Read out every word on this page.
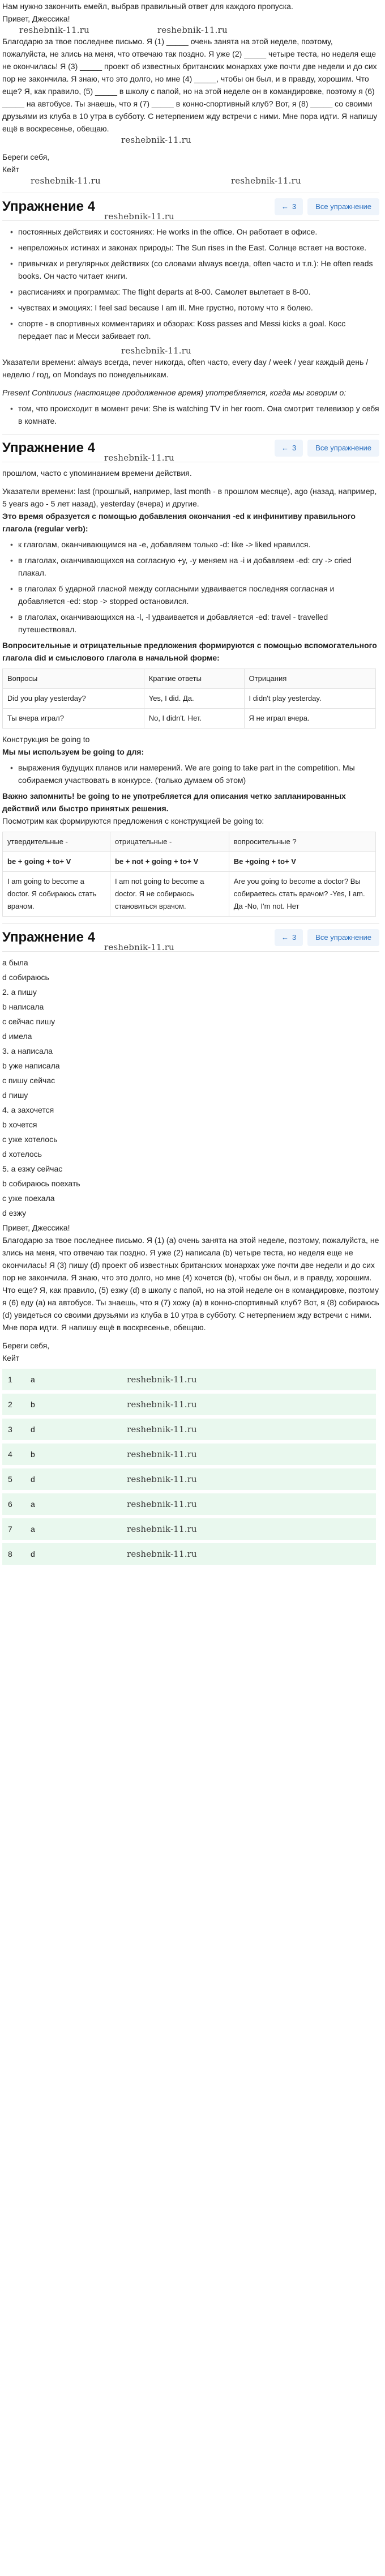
Нам нужно закончить емейл, выбрав правильный ответ для каждого пропуска.

Привет, Джессика!

reshebnik-11.ru	reshebnik-11.ru

Благодарю за твое последнее письмо. Я (1) _____ очень занята на этой неделе, поэтому, пожалуйста, не злись на меня, что отвечаю так поздно. Я уже (2) _____ четыре теста, но неделя еще не окончилась! Я (3) _____ проект об известных британских монархах уже почти две недели и до сих пор не закончила. Я знаю, что это долго, но мне (4) _____, чтобы он был, и в правду, хорошим. Что еще? Я, как правило, (5) _____ в школу с папой, но на этой неделе он в командировке, поэтому я (6) _____ на автобусе. Ты знаешь, что я (7) _____ в конно-спортивный клуб? Вот, я (8) _____ со своими друзьями из клуба в 10 утра в субботу. С нетерпением жду встречи с ними. Мне пора идти. Я напишу ещё в воскресенье, обещаю.

reshebnik-11.ru

Береги себя,

Кейт

reshebnik-11.ru	reshebnik-11.ru
Упражнение 4	← 3	Все упражнение
reshebnik-11.ru
• постоянных действиях и состояниях: He works in the office. Он работает в офисе.
• непреложных истинах и законах природы: The Sun rises in the East. Солнце встает на востоке.
• привычках и регулярных действиях (со словами always всегда, often часто и т.п.): He often reads books. Он часто читает книги.
• расписаниях и программах: The flight departs at 8-00. Самолет вылетает в 8-00.
• чувствах и эмоциях: I feel sad because I am ill. Мне грустно, потому что я болею.
• спорте - в спортивных комментариях и обзорах: Koss passes and Messi kicks a goal. Косс передает пас и Месси забивает гол.
reshebnik-11.ru

Указатели времени: always всегда, never никогда, often часто, every day / week / year каждый день / неделю / год, on Mondays по понедельникам.

Present Continuous (настоящее продолженное время) употребляется, когда мы говорим о:

• том, что происходит в момент речи: She is watching TV in her room. Она смотрит телевизор у себя в комнате.
Упражнение 4	← 3	Все упражнение
reshebnik-11.ru

прошлом, часто с упоминанием времени действия.

Указатели времени: last (прошлый, например, last month - в прошлом месяце), ago (назад, например, 5 years ago - 5 лет назад), yesterday (вчера) и другие.

Это время образуется с помощью добавления окончания -ed к инфинитиву правильного глагола (regular verb):

• к глаголам, оканчивающимся на -e, добавляем только -d: like -> liked нравился.
• в глаголах, оканчивающихся на согласную +y, -y меняем на -i и добавляем -ed: cry -> cried плакал.
• в глаголах б ударной гласной между согласными удваивается последняя согласная и добавляется -ed: stop -> stopped остановился.
• в глаголах, оканчивающихся на -l, -l удваивается и добавляется -ed: travel - travelled путешествовал.

Вопросительные и отрицательные предложения формируются с помощью вспомогательного глагола did и смыслового глагола в начальной форме:

Вопросы	Краткие ответы	Отрицания
Did you play yesterday?	Yes, I did. Да.	I didn't play yesterday.
Ты вчера играл?	No, I didn't. Нет.	Я не играл вчера.

Конструкция be going to

Мы мы используем be going to для:

• выражения будущих планов или намерений. We are going to take part in the competition. Мы собираемся участвовать в конкурсе. (только думаем об этом)

Важно запомнить! be going to не употребляется для описания четко запланированных действий или быстро принятых решения.

Посмотрим как формируются предложения с конструкцией be going to:

утвердительные -	отрицательные -	вопросительные ?
be + going + to+ V	be + not + going + to+ V	Be +going + to+ V
I am going to become a doctor. Я собираюсь стать врачом.	I am not going to become a doctor. Я не собираюсь становиться врачом.	Are you going to become a doctor? Вы собираетесь стать врачом? -Yes, I am. Да -No, I'm not. Нет
Упражнение 4	← 3	Все упражнение
reshebnik-11.ru

a была

d собираюсь

2. a пишу

b написала

c сейчас пишу

d имела

3. a написала

b уже написала

c пишу сейчас

d пишу

4. a захочется

b хочется

c уже хотелось

d хотелось

5. a езжу сейчас

b собираюсь поехать

c уже поехала

d езжу

Привет, Джессика!

Благодарю за твое последнее письмо. Я (1) (а) очень занята на этой неделе, поэтому, пожалуйста, не злись на меня, что отвечаю так поздно. Я уже (2) написала (b) четыре теста, но неделя еще не окончилась! Я (3) пишу (d) проект об известных британских монархах уже почти две недели и до сих пор не закончила. Я знаю, что это долго, но мне (4) хочется (b), чтобы он был, и в правду, хорошим. Что еще? Я, как правило, (5) езжу (d) в школу с папой, но на этой неделе он в командировке, поэтому я (6) еду (а) на автобусе. Ты знаешь, что я (7) хожу (а) в конно-спортивный клуб? Вот, я (8) собираюсь (d) увидеться со своими друзьями из клуба в 10 утра в субботу. С нетерпением жду встречи с ними. Мне пора идти. Я напишу ещё в воскресенье, обещаю.

Береги себя,

Кейт

1	a	reshebnik-11.ru
2	b	reshebnik-11.ru
3	d	reshebnik-11.ru
4	b	reshebnik-11.ru
5	d	reshebnik-11.ru
6	a	reshebnik-11.ru
7	a	reshebnik-11.ru
8	d	reshebnik-11.ru
